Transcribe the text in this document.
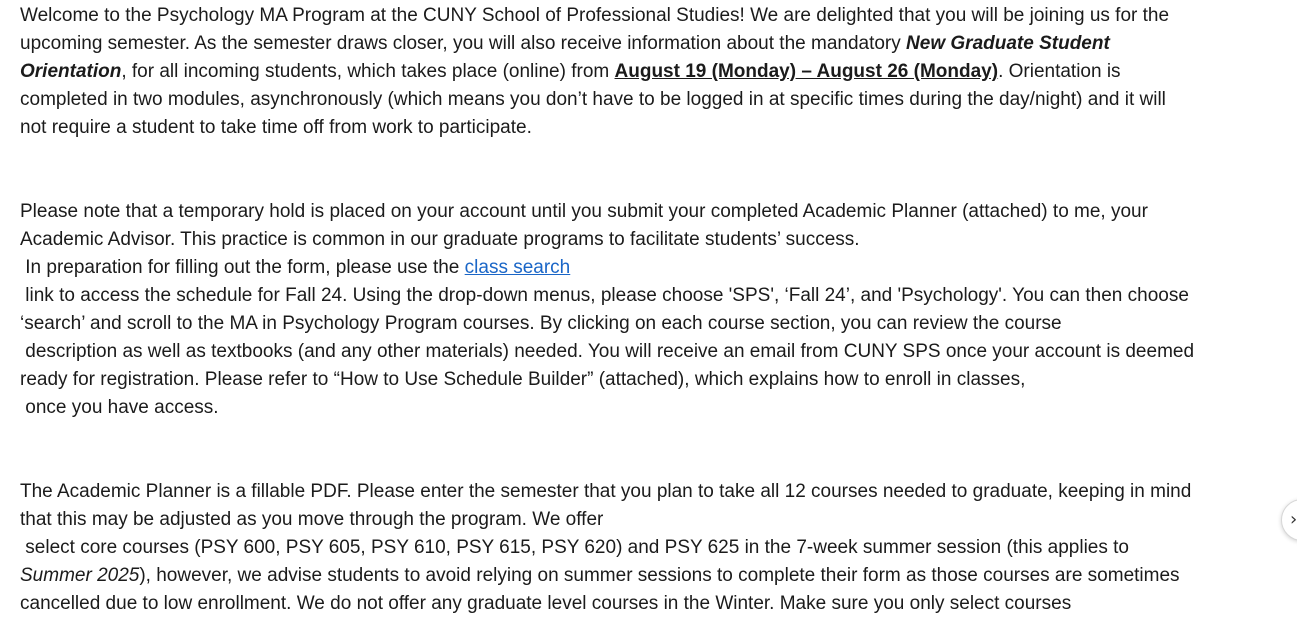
Welcome to the Psychology MA Program at the CUNY School of Professional Studies! We are delighted that you will be joining us for the
upcoming semester. As the semester draws closer, you will also receive information about the mandatory New Graduate Student
Orientation, for all incoming students, which takes place (online) from August 19 (Monday) – August 26 (Monday). Orientation is
completed in two modules, asynchronously (which means you don’t have to be logged in at specific times during the day/night) and it will
not require a student to take time off from work to participate.
Please note that a temporary hold is placed on your account until you submit your completed Academic Planner (attached) to me, your
Academic Advisor. This practice is common in our graduate programs to facilitate students’ success.
In preparation for filling out the form, please use the class search
link to access the schedule for Fall 24. Using the drop-down menus, please choose 'SPS', ‘Fall 24’, and 'Psychology'. You can then choose
‘search’ and scroll to the MA in Psychology Program courses. By clicking on each course section, you can review the course
description as well as textbooks (and any other materials) needed. You will receive an email from CUNY SPS once your account is deemed
ready for registration. Please refer to “How to Use Schedule Builder” (attached), which explains how to enroll in classes,
once you have access.
The Academic Planner is a fillable PDF. Please enter the semester that you plan to take all 12 courses needed to graduate, keeping in mind
that this may be adjusted as you move through the program. We offer
select core courses (PSY 600, PSY 605, PSY 610, PSY 615, PSY 620) and PSY 625 in the 7-week summer session (this applies to
Summer 2025), however, we advise students to avoid relying on summer sessions to complete their form as those courses are sometimes
cancelled due to low enrollment. We do not offer any graduate level courses in the Winter. Make sure you only select courses
›
